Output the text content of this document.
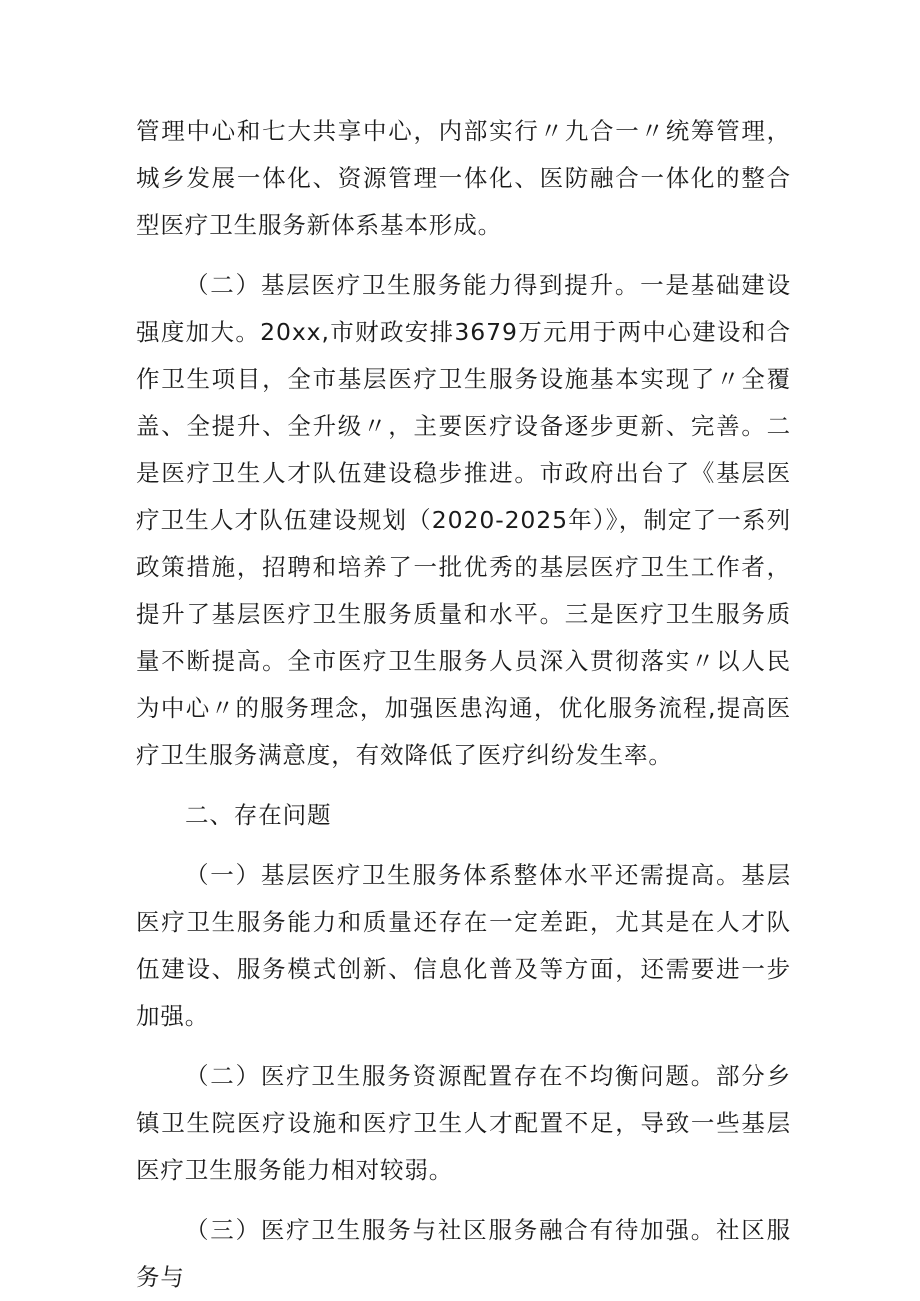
管理中心和七大共享中心，内部实行〃九合一〃统筹管理，城乡发展一体化、资源管理一体化、医防融合一体化的整合型医疗卫生服务新体系基本形成。

（二）基层医疗卫生服务能力得到提升。一是基础建设强度加大。20xx,市财政安排3679万元用于两中心建设和合作卫生项目，全市基层医疗卫生服务设施基本实现了〃全覆盖、全提升、全升级〃，主要医疗设备逐步更新、完善。二是医疗卫生人才队伍建设稳步推进。市政府出台了《基层医疗卫生人才队伍建设规划（2020-2025年）》，制定了一系列政策措施，招聘和培养了一批优秀的基层医疗卫生工作者，提升了基层医疗卫生服务质量和水平。三是医疗卫生服务质量不断提高。全市医疗卫生服务人员深入贯彻落实〃以人民为中心〃的服务理念，加强医患沟通，优化服务流程,提高医疗卫生服务满意度，有效降低了医疗纠纷发生率。

二、存在问题

（一）基层医疗卫生服务体系整体水平还需提高。基层医疗卫生服务能力和质量还存在一定差距，尤其是在人才队伍建设、服务模式创新、信息化普及等方面，还需要进一步加强。

（二）医疗卫生服务资源配置存在不均衡问题。部分乡镇卫生院医疗设施和医疗卫生人才配置不足，导致一些基层医疗卫生服务能力相对较弱。

（三）医疗卫生服务与社区服务融合有待加强。社区服务与
